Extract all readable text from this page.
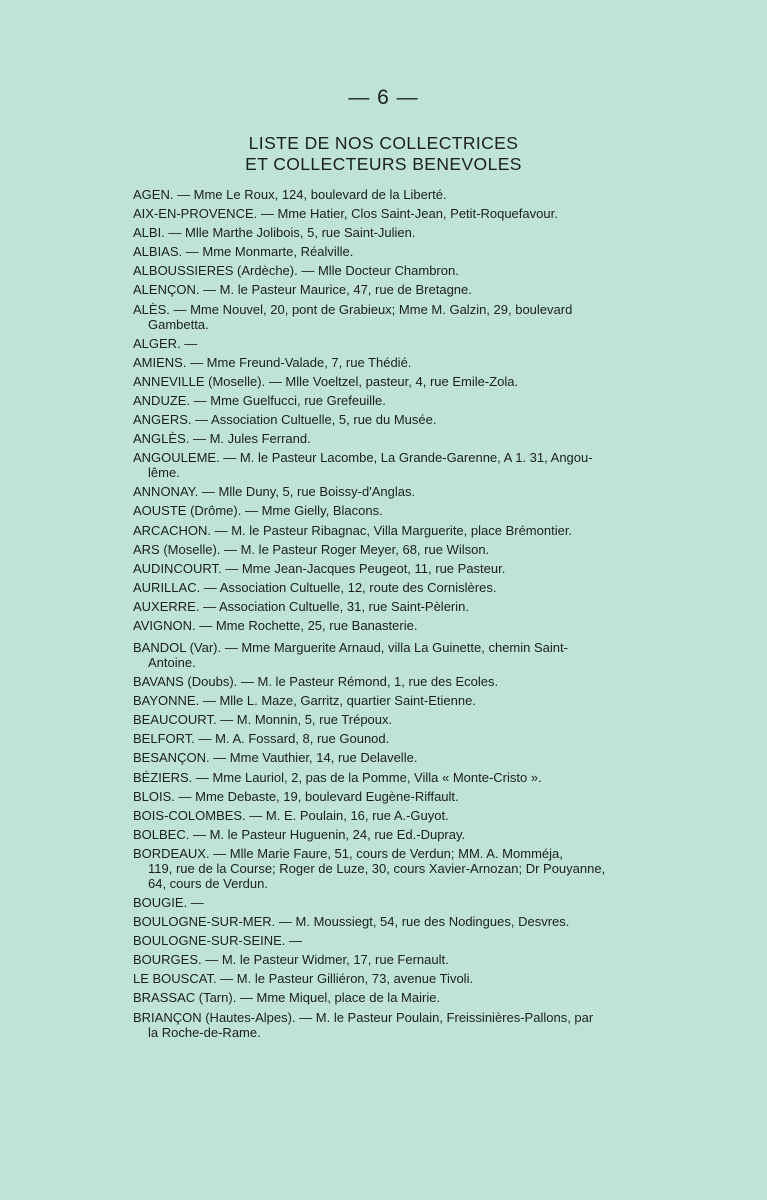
— 6 —
LISTE DE NOS COLLECTRICES
ET COLLECTEURS BENEVOLES
AGEN. — Mme Le Roux, 124, boulevard de la Liberté.
AIX-EN-PROVENCE. — Mme Hatier, Clos Saint-Jean, Petit-Roquefavour.
ALBI. — Mlle Marthe Jolibois, 5, rue Saint-Julien.
ALBIAS. — Mme Monmarte, Réalville.
ALBOUSSIERES (Ardèche). — Mlle Docteur Chambron.
ALENÇON. — M. le Pasteur Maurice, 47, rue de Bretagne.
ALÈS. — Mme Nouvel, 20, pont de Grabieux; Mme M. Galzin, 29, boulevard
Gambetta.
ALGER. —
AMIENS. — Mme Freund-Valade, 7, rue Thédié.
ANNEVILLE (Moselle). — Mlle Voeltzel, pasteur, 4, rue Emile-Zola.
ANDUZE. — Mme Guelfucci, rue Grefeuille.
ANGERS. — Association Cultuelle, 5, rue du Musée.
ANGLÈS. — M. Jules Ferrand.
ANGOULEME. — M. le Pasteur Lacombe, La Grande-Garenne, A 1. 31, Angou-
lême.
ANNONAY. — Mlle Duny, 5, rue Boissy-d'Anglas.
AOUSTE (Drôme). — Mme Gielly, Blacons.
ARCACHON. — M. le Pasteur Ribagnac, Villa Marguerite, place Brémontier.
ARS (Moselle). — M. le Pasteur Roger Meyer, 68, rue Wilson.
AUDINCOURT. — Mme Jean-Jacques Peugeot, 11, rue Pasteur.
AURILLAC. — Association Cultuelle, 12, route des Cornislères.
AUXERRE. — Association Cultuelle, 31, rue Saint-Pèlerin.
AVIGNON. — Mme Rochette, 25, rue Banasterie.
BANDOL (Var). — Mme Marguerite Arnaud, villa La Guinette, chemin Saint-
Antoine.
BAVANS (Doubs). — M. le Pasteur Rémond, 1, rue des Ecoles.
BAYONNE. — Mlle L. Maze, Garritz, quartier Saint-Etienne.
BEAUCOURT. — M. Monnin, 5, rue Trépoux.
BELFORT. — M. A. Fossard, 8, rue Gounod.
BESANÇON. — Mme Vauthier, 14, rue Delavelle.
BÉZIERS. — Mme Lauriol, 2, pas de la Pomme, Villa « Monte-Cristo ».
BLOIS. — Mme Debaste, 19, boulevard Eugène-Riffault.
BOIS-COLOMBES. — M. E. Poulain, 16, rue A.-Guyot.
BOLBEC. — M. le Pasteur Huguenin, 24, rue Ed.-Dupray.
BORDEAUX. — Mlle Marie Faure, 51, cours de Verdun; MM. A. Momméja,
119, rue de la Course; Roger de Luze, 30, cours Xavier-Arnozan; Dr Pouyanne,
64, cours de Verdun.
BOUGIE. —
BOULOGNE-SUR-MER. — M. Moussiegt, 54, rue des Nodingues, Desvres.
BOULOGNE-SUR-SEINE. —
BOURGES. — M. le Pasteur Widmer, 17, rue Fernault.
LE BOUSCAT. — M. le Pasteur Gilliéron, 73, avenue Tivoli.
BRASSAC (Tarn). — Mme Miquel, place de la Mairie.
BRIANÇON (Hautes-Alpes). — M. le Pasteur Poulain, Freissinières-Pallons, par
la Roche-de-Rame.
